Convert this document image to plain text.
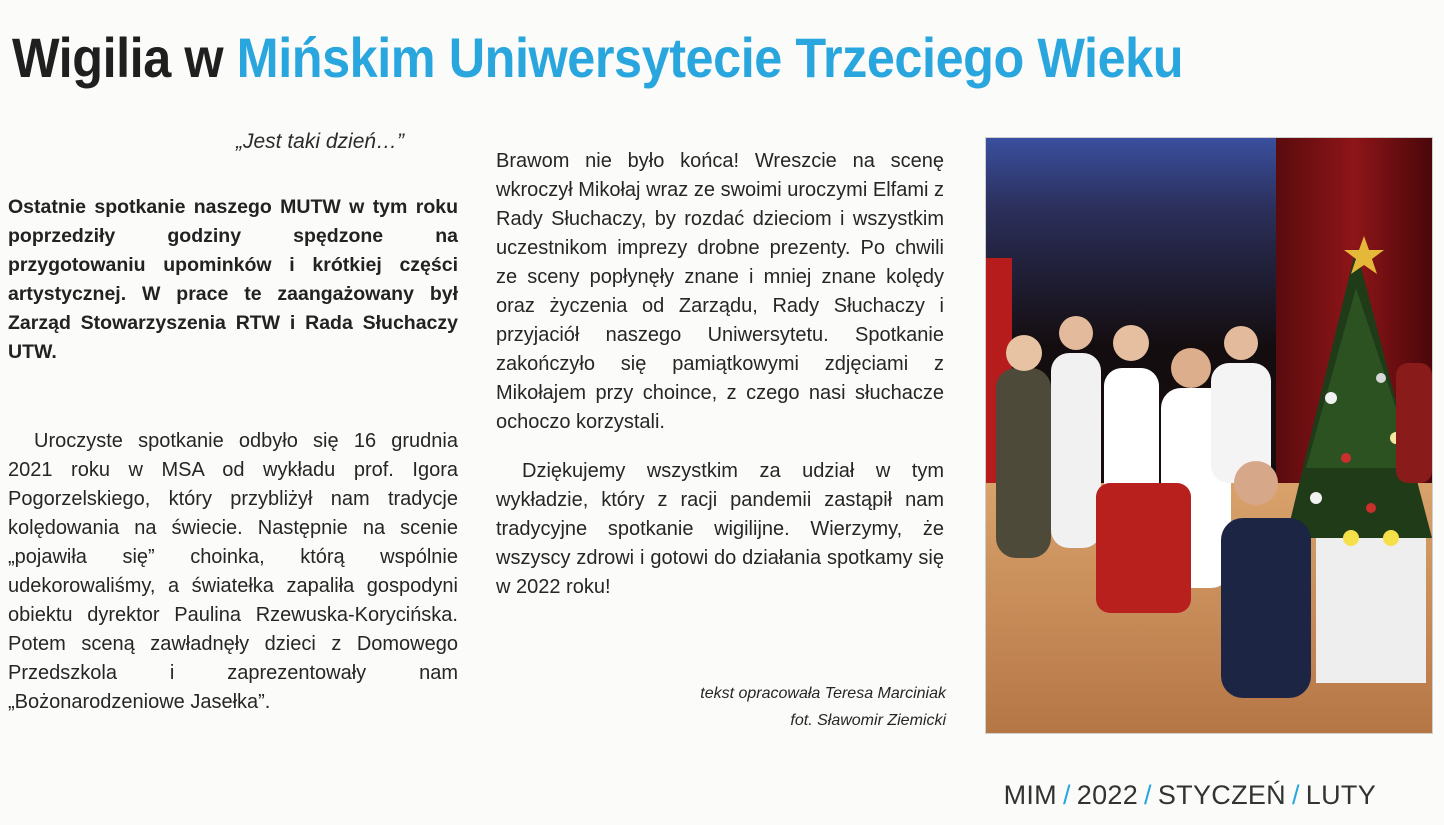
Wigilia w Mińskim Uniwersytecie Trzeciego Wieku
„Jest taki dzień…”
Ostatnie spotkanie naszego MUTW w tym roku poprzedziły godziny spędzone na przygotowaniu upominków i krótkiej części artystycznej. W prace te zaangażowany był Zarząd Stowarzyszenia RTW i Rada Słuchaczy UTW.

Uroczyste spotkanie odbyło się 16 grudnia 2021 roku w MSA od wykładu prof. Igora Pogorzelskiego, który przybliżył nam tradycje kolędowania na świecie. Następnie na scenie „pojawiła się” choinka, którą wspólnie udekorowaliśmy, a światełka zapaliła gospodyni obiektu dyrektor Paulina Rzewuska-Korycińska. Potem sceną zawładnęły dzieci z Domowego Przedszkola i zaprezentowały nam „Bożonarodzeniowe Jasełka”.

Brawom nie było końca! Wreszcie na scenę wkroczył Mikołaj wraz ze swoimi uroczymi Elfami z Rady Słuchaczy, by rozdać dzieciom i wszystkim uczestnikom imprezy drobne prezenty. Po chwili ze sceny popłynęły znane i mniej znane kolędy oraz życzenia od Zarządu, Rady Słuchaczy i przyjaciół naszego Uniwersytetu. Spotkanie zakończyło się pamiątkowymi zdjęciami z Mikołajem przy choince, z czego nasi słuchacze ochoczo korzystali.

Dziękujemy wszystkim za udział w tym wykładzie, który z racji pandemii zastąpił nam tradycyjne spotkanie wigilijne. Wierzymy, że wszyscy zdrowi i gotowi do działania spotkamy się w 2022 roku!

tekst opracowała Teresa Marciniak
fot. Sławomir Ziemicki
MIM / 2022 / STYCZEŃ / LUTY
